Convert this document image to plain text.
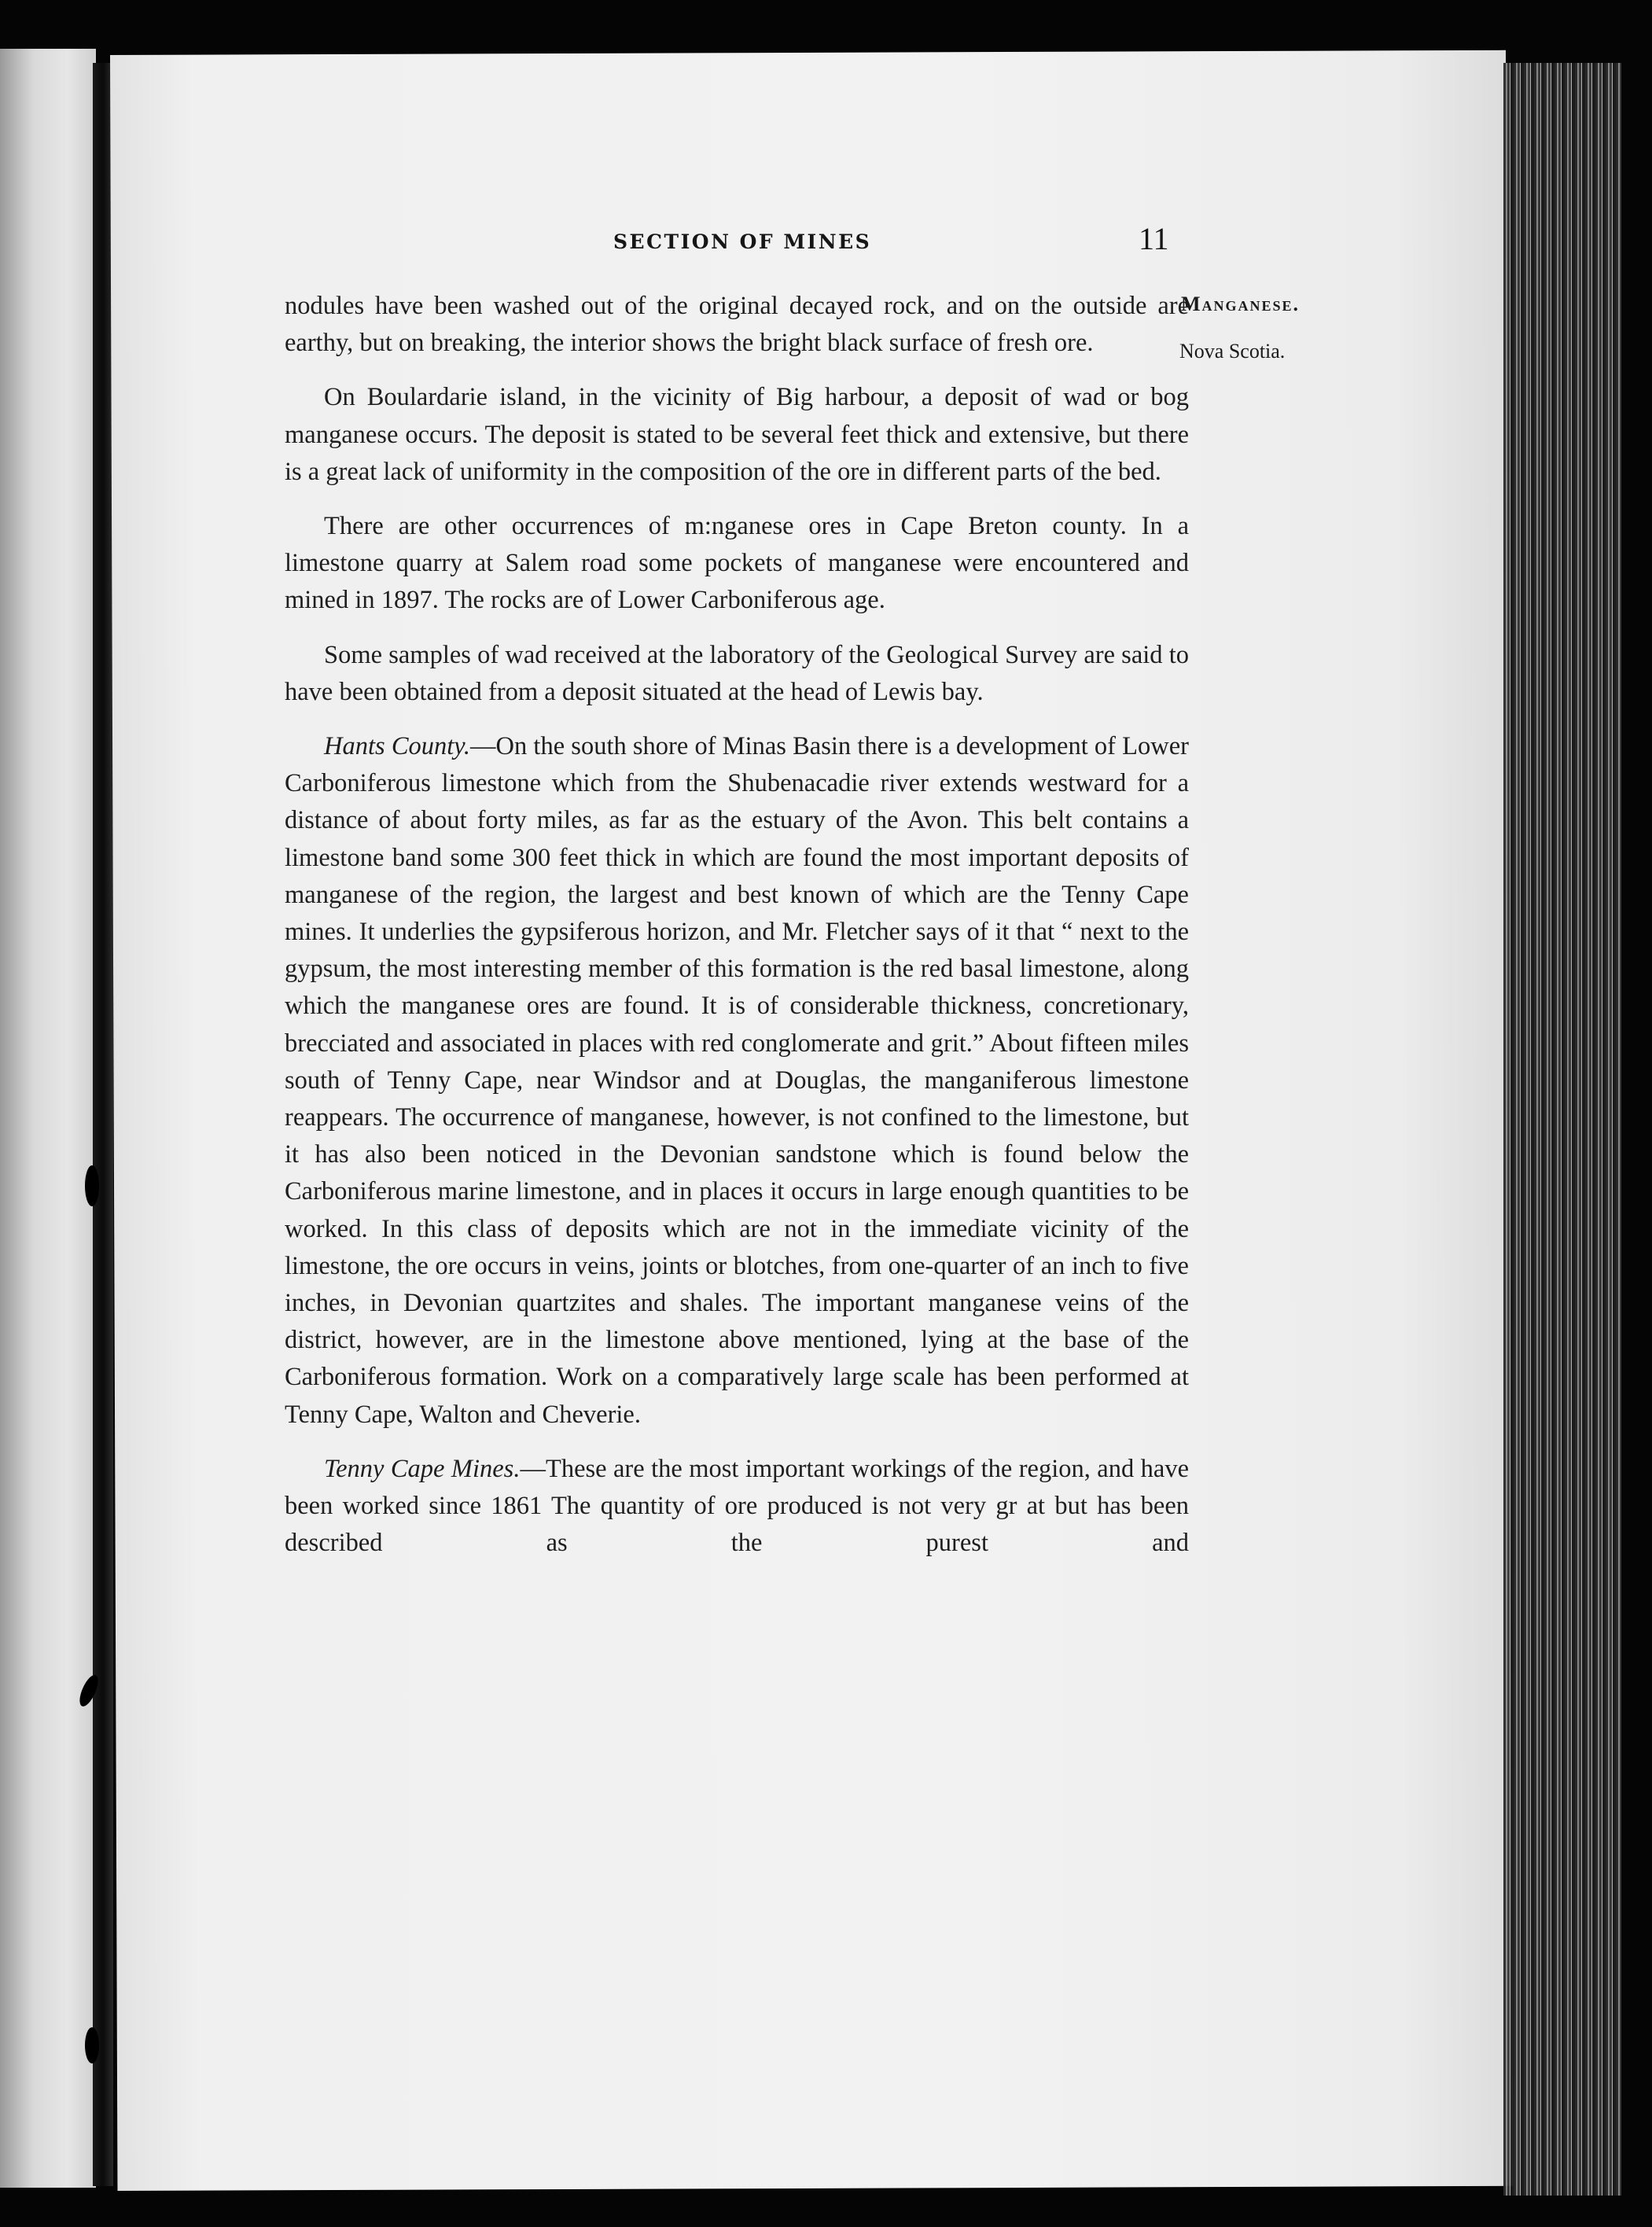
SECTION OF MINES	11
Manganese.
Nova Scotia.

nodules have been washed out of the original decayed rock, and on the outside are earthy, but on breaking, the interior shows the bright black surface of fresh ore.

On Boulardarie island, in the vicinity of Big harbour, a deposit of wad or bog manganese occurs. The deposit is stated to be several feet thick and extensive, but there is a great lack of uniformity in the composition of the ore in different parts of the bed.

There are other occurrences of m:nganese ores in Cape Breton county. In a limestone quarry at Salem road some pockets of manganese were encountered and mined in 1897. The rocks are of Lower Carboniferous age.

Some samples of wad received at the laboratory of the Geological Survey are said to have been obtained from a deposit situated at the head of Lewis bay.

Hants County.—On the south shore of Minas Basin there is a development of Lower Carboniferous limestone which from the Shubenacadie river extends westward for a distance of about forty miles, as far as the estuary of the Avon. This belt contains a limestone band some 300 feet thick in which are found the most important deposits of manganese of the region, the largest and best known of which are the Tenny Cape mines. It underlies the gypsiferous horizon, and Mr. Fletcher says of it that “ next to the gypsum, the most interesting member of this formation is the red basal limestone, along which the manganese ores are found. It is of considerable thickness, concretionary, brecciated and associated in places with red conglomerate and grit.” About fifteen miles south of Tenny Cape, near Windsor and at Douglas, the manganiferous limestone reappears. The occurrence of manganese, however, is not confined to the limestone, but it has also been noticed in the Devonian sandstone which is found below the Carboniferous marine limestone, and in places it occurs in large enough quantities to be worked. In this class of deposits which are not in the immediate vicinity of the limestone, the ore occurs in veins, joints or blotches, from one-quarter of an inch to five inches, in Devonian quartzites and shales. The important manganese veins of the district, however, are in the limestone above mentioned, lying at the base of the Carboniferous formation. Work on a comparatively large scale has been performed at Tenny Cape, Walton and Cheverie.

Tenny Cape Mines.—These are the most important workings of the region, and have been worked since 1861 The quantity of ore produced is not very gr at but has been described as the purest and
